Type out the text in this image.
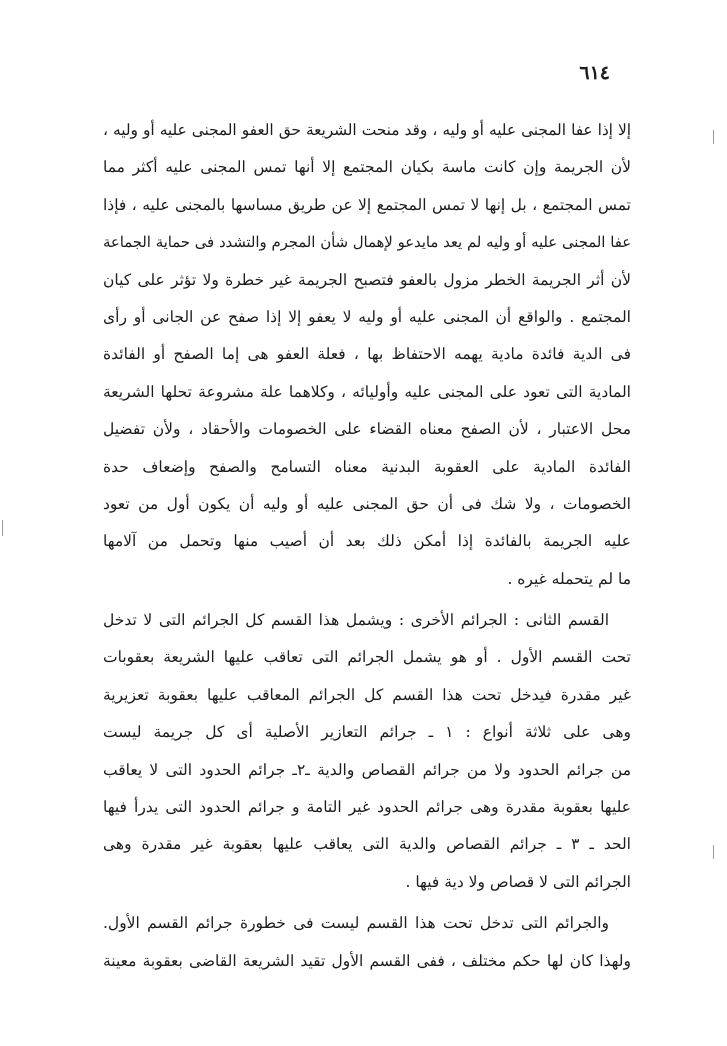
٦١٤
إلا إذا عفا المجنى عليه أو وليه ، وقد منحت الشريعة حق العفو المجنى عليه أو وليه ،
لأن الجريمة وإن كانت ماسة بكيان المجتمع إلا أنها تمس المجنى عليه أكثر مما
تمس المجتمع ، بل إنها لا تمس المجتمع إلا عن طريق مساسها بالمجنى عليه ، فإذا
عفا المجنى عليه أو وليه لم يعد مايدعو لإهمال شأن المجرم والتشدد فى حماية الجماعة
لأن أثر الجريمة الخطر مزول بالعفو فتصبح الجريمة غير خطرة ولا تؤثر على كيان
المجتمع . والواقع أن المجنى عليه أو وليه لا يعفو إلا إذا صفح عن الجانى أو رأى
فى الدية فائدة مادية يهمه الاحتفاظ بها ، فعلة العفو هى إما الصفح أو الفائدة
المادية التى تعود على المجنى عليه وأوليائه ، وكلاهما علة مشروعة تحلها الشريعة
محل الاعتبار ، لأن الصفح معناه القضاء على الخصومات والأحقاد ، ولأن تفضيل
الفائدة المادية على العقوبة البدنية معناه التسامح والصفح وإضعاف حدة
الخصومات ، ولا شك فى أن حق المجنى عليه أو وليه أن يكون أول من تعود
عليه الجريمة بالفائدة إذا أمكن ذلك بعد أن أصيب منها وتحمل من آلامها
ما لم يتحمله غيره .
القسم الثانى : الجرائم الأخرى : ويشمل هذا القسم كل الجرائم التى لا تدخل
تحت القسم الأول . أو هو يشمل الجرائم التى تعاقب عليها الشريعة بعقوبات
غير مقدرة فيدخل تحت هذا القسم كل الجرائم المعاقب عليها بعقوبة تعزيرية
وهى على ثلاثة أنواع : ١ ـ جرائم التعازير الأصلية أى كل جريمة ليست
من جرائم الحدود ولا من جرائم القصاص والدية ـ٢ـ جرائم الحدود التى لا يعاقب
عليها بعقوبة مقدرة وهى جرائم الحدود غير التامة و جرائم الحدود التى يدرأ فيها
الحد ـ ٣ ـ جرائم القصاص والدية التى يعاقب عليها بعقوبة غير مقدرة وهى
الجرائم التى لا قصاص ولا دية فيها .
والجرائم التى تدخل تحت هذا القسم ليست فى خطورة جرائم القسم الأول.
ولهذا كان لها حكم مختلف ، ففى القسم الأول تقيد الشريعة القاضى بعقوبة معينة
